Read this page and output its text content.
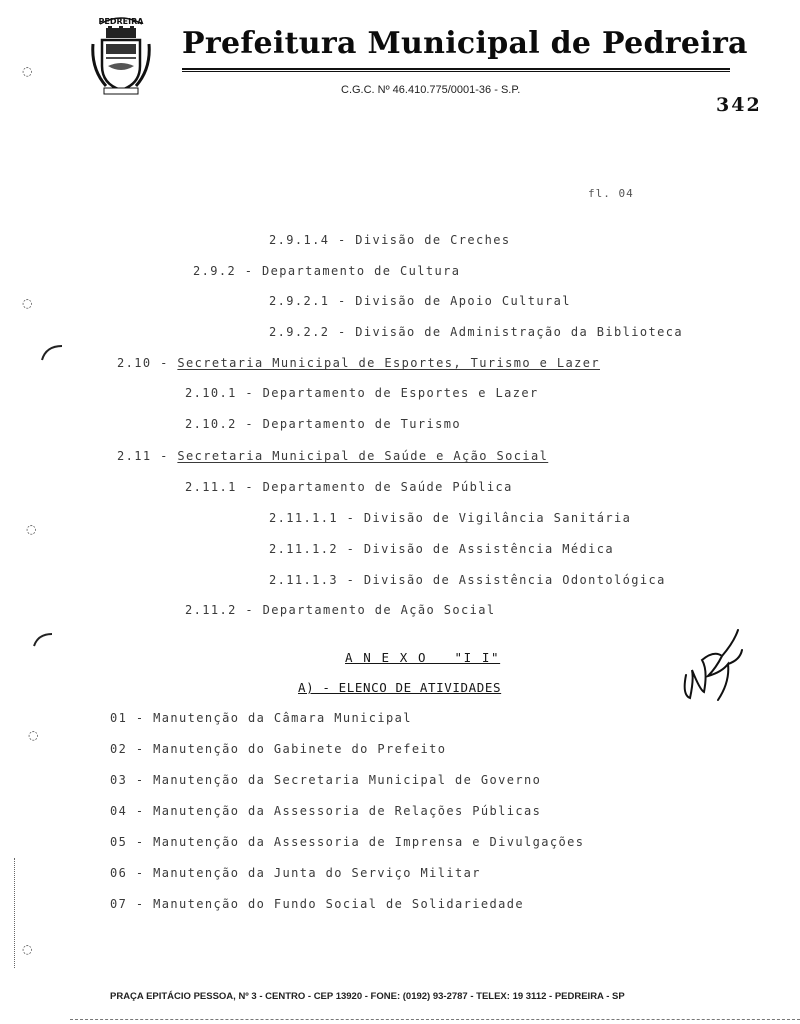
PEDREIRA
Prefeitura Municipal de Pedreira
C.G.C. Nº 46.410.775/0001-36 - S.P.
342
fl. 04
2.9.1.4 - Divisão de Creches
2.9.2 - Departamento de Cultura
2.9.2.1 - Divisão de Apoio Cultural
2.9.2.2 - Divisão de Administração da Biblioteca
2.10 - Secretaria Municipal de Esportes, Turismo e Lazer
2.10.1 - Departamento de Esportes e Lazer
2.10.2 - Departamento de Turismo
2.11 - Secretaria Municipal de Saúde e Ação Social
2.11.1 - Departamento de Saúde Pública
2.11.1.1 - Divisão de Vigilância Sanitária
2.11.1.2 - Divisão de Assistência Médica
2.11.1.3 - Divisão de Assistência Odontológica
2.11.2 - Departamento de Ação Social
A N E X O   "I I"
A) - ELENCO DE ATIVIDADES
01 - Manutenção da Câmara Municipal
02 - Manutenção do Gabinete do Prefeito
03 - Manutenção da Secretaria Municipal de Governo
04 - Manutenção da Assessoria de Relações Públicas
05 - Manutenção da Assessoria de Imprensa e Divulgações
06 - Manutenção da Junta do Serviço Militar
07 - Manutenção do Fundo Social de Solidariedade
◌
◌
◌
◌
◌
PRAÇA EPITÁCIO PESSOA, Nº 3 - CENTRO - CEP 13920 - FONE: (0192) 93-2787 - TELEX: 19 3112 - PEDREIRA - SP
